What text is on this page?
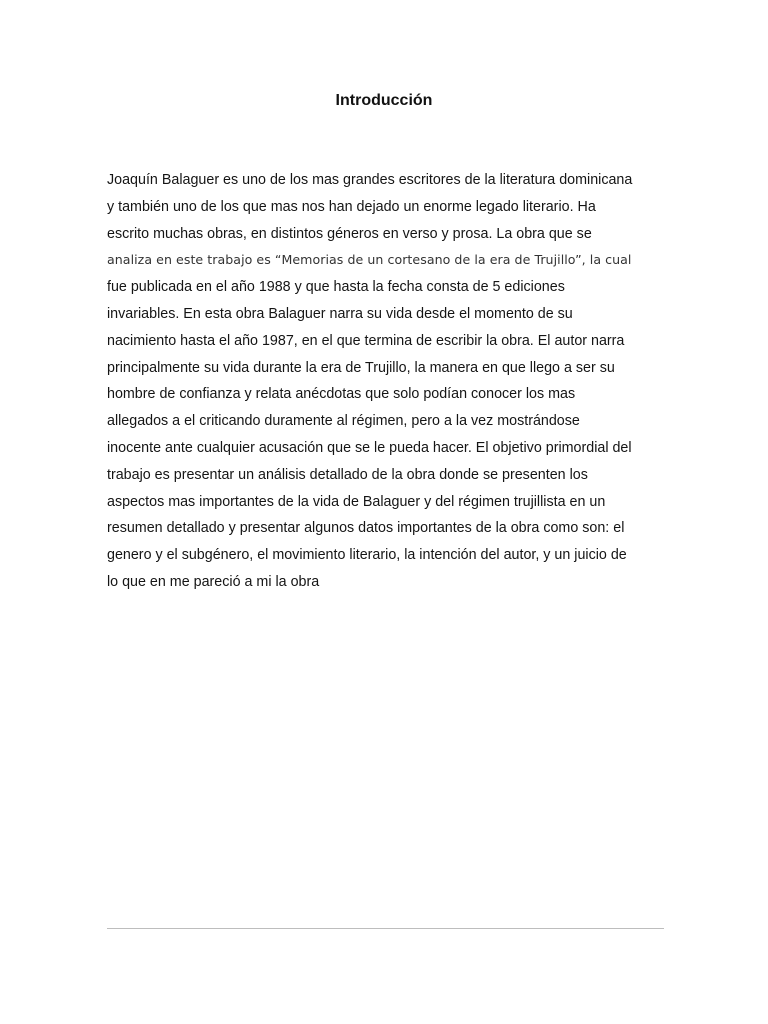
Introducción
Joaquín Balaguer es uno de los mas grandes escritores de la literatura dominicana
y también uno de los que mas nos han dejado un enorme legado literario. Ha
escrito muchas obras, en distintos géneros en verso y prosa. La obra que se
analiza en este trabajo es “Memorias de un cortesano de la era de Trujillo”, la cual
fue publicada en el año 1988 y que hasta la fecha consta de 5 ediciones
invariables. En esta obra Balaguer narra su vida desde el momento de su
nacimiento hasta el año 1987, en el que termina de escribir la obra. El autor narra
principalmente su vida durante la era de Trujillo, la manera en que llego a ser su
hombre de confianza y relata anécdotas que solo podían conocer los mas
allegados a el criticando duramente al régimen, pero a la vez mostrándose
inocente ante cualquier acusación que se le pueda hacer. El objetivo primordial del
trabajo es presentar un análisis detallado de la obra donde se presenten los
aspectos mas importantes de la vida de Balaguer y del régimen trujillista en un
resumen detallado y presentar algunos datos importantes de la obra como son: el
genero y el subgénero, el movimiento literario, la intención del autor, y un juicio de
lo que en me pareció a mi la obra
